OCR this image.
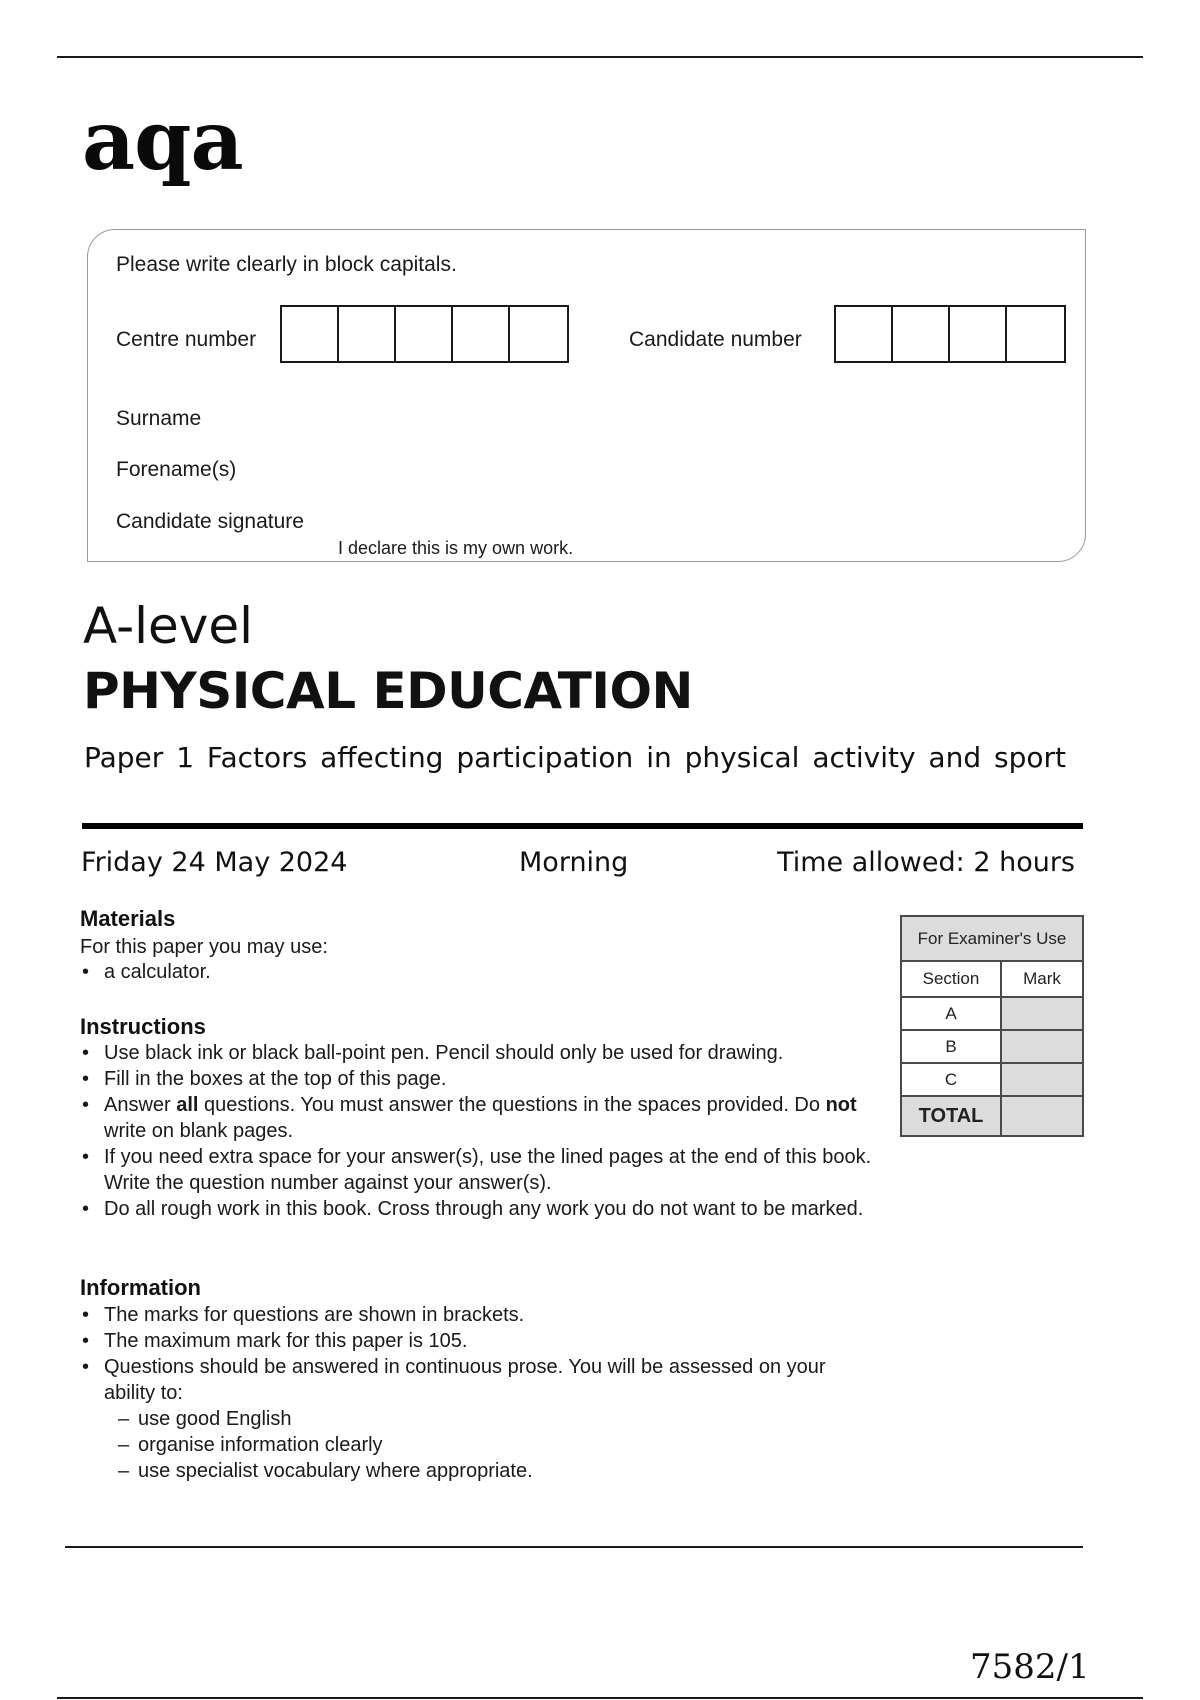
aqa
Please write clearly in block capitals.
Centre number	Candidate number
Surname
Forename(s)
Candidate signature
I declare this is my own work.
A-level
PHYSICAL EDUCATION
Paper 1 Factors affecting participation in physical activity and sport
Friday 24 May 2024	Morning	Time allowed: 2 hours
Materials
For this paper you may use:
• a calculator.
Instructions
• Use black ink or black ball-point pen. Pencil should only be used for drawing.
• Fill in the boxes at the top of this page.
• Answer all questions. You must answer the questions in the spaces provided. Do not write on blank pages.
• If you need extra space for your answer(s), use the lined pages at the end of this book. Write the question number against your answer(s).
• Do all rough work in this book. Cross through any work you do not want to be marked.
Information
• The marks for questions are shown in brackets.
• The maximum mark for this paper is 105.
• Questions should be answered in continuous prose. You will be assessed on your ability to:
– use good English
– organise information clearly
– use specialist vocabulary where appropriate.
For Examiner's Use	
Section	Mark
A	
B	
C	
TOTAL	
7582/1
